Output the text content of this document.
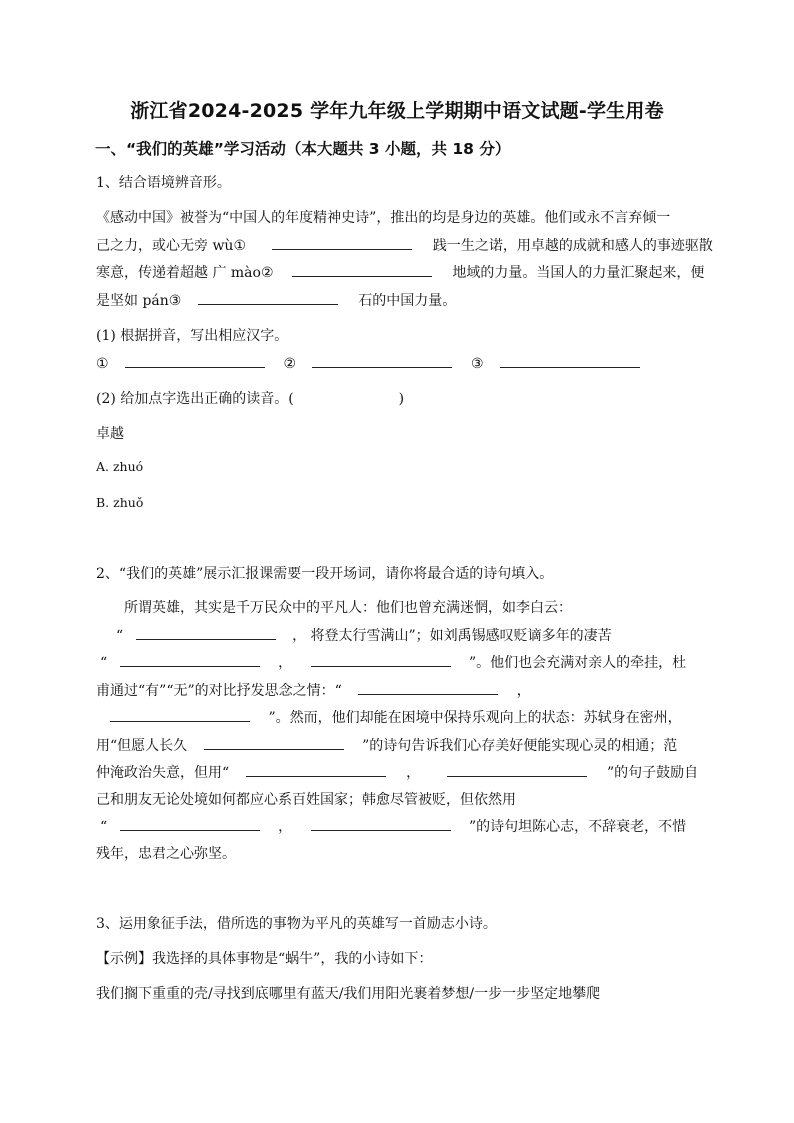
浙江省2024-2025 学年九年级上学期期中语文试题-学生用卷
一、“我们的英雄”学习活动（本大题共 3 小题，共 18 分）
1、结合语境辨音形。
《感动中国》被誉为“中国人的年度精神史诗”，推出的均是身边的英雄。他们或永不言弃倾一
己之力，或心无旁 wù①	践一生之诺，用卓越的成就和感人的事迹驱散
寒意，传递着超越 广 mào②	地域的力量。当国人的力量汇聚起来，便
是坚如 pán③	石的中国力量。
(1) 根据拼音，写出相应汉字。
①	②	③
(2) 给加点字选出正确的读音。(	)
卓越
A. zhuó
B. zhuǒ
2、“我们的英雄”展示汇报课需要一段开场词，请你将最合适的诗句填入。
所谓英雄，其实是千万民众中的平凡人：他们也曾充满迷惘，如李白云：
“	， 将登太行雪满山”；如刘禹锡感叹贬谪多年的凄苦
“	，	”。他们也会充满对亲人的牵挂，杜
甫通过“有”“无”的对比抒发思念之情：“	，
”。然而，他们却能在困境中保持乐观向上的状态：苏轼身在密州，
用“但愿人长久	”的诗句告诉我们心存美好便能实现心灵的相通；范
仲淹政治失意，但用“	，	”的句子鼓励自
己和朋友无论处境如何都应心系百姓国家；韩愈尽管被贬，但依然用
“	，	”的诗句坦陈心志，不辞衰老，不惜
残年，忠君之心弥坚。
3、运用象征手法，借所选的事物为平凡的英雄写一首励志小诗。
【示例】我选择的具体事物是“蜗牛”，我的小诗如下：
我们搁下重重的壳/寻找到底哪里有蓝天/我们用阳光裹着梦想/一步一步坚定地攀爬
